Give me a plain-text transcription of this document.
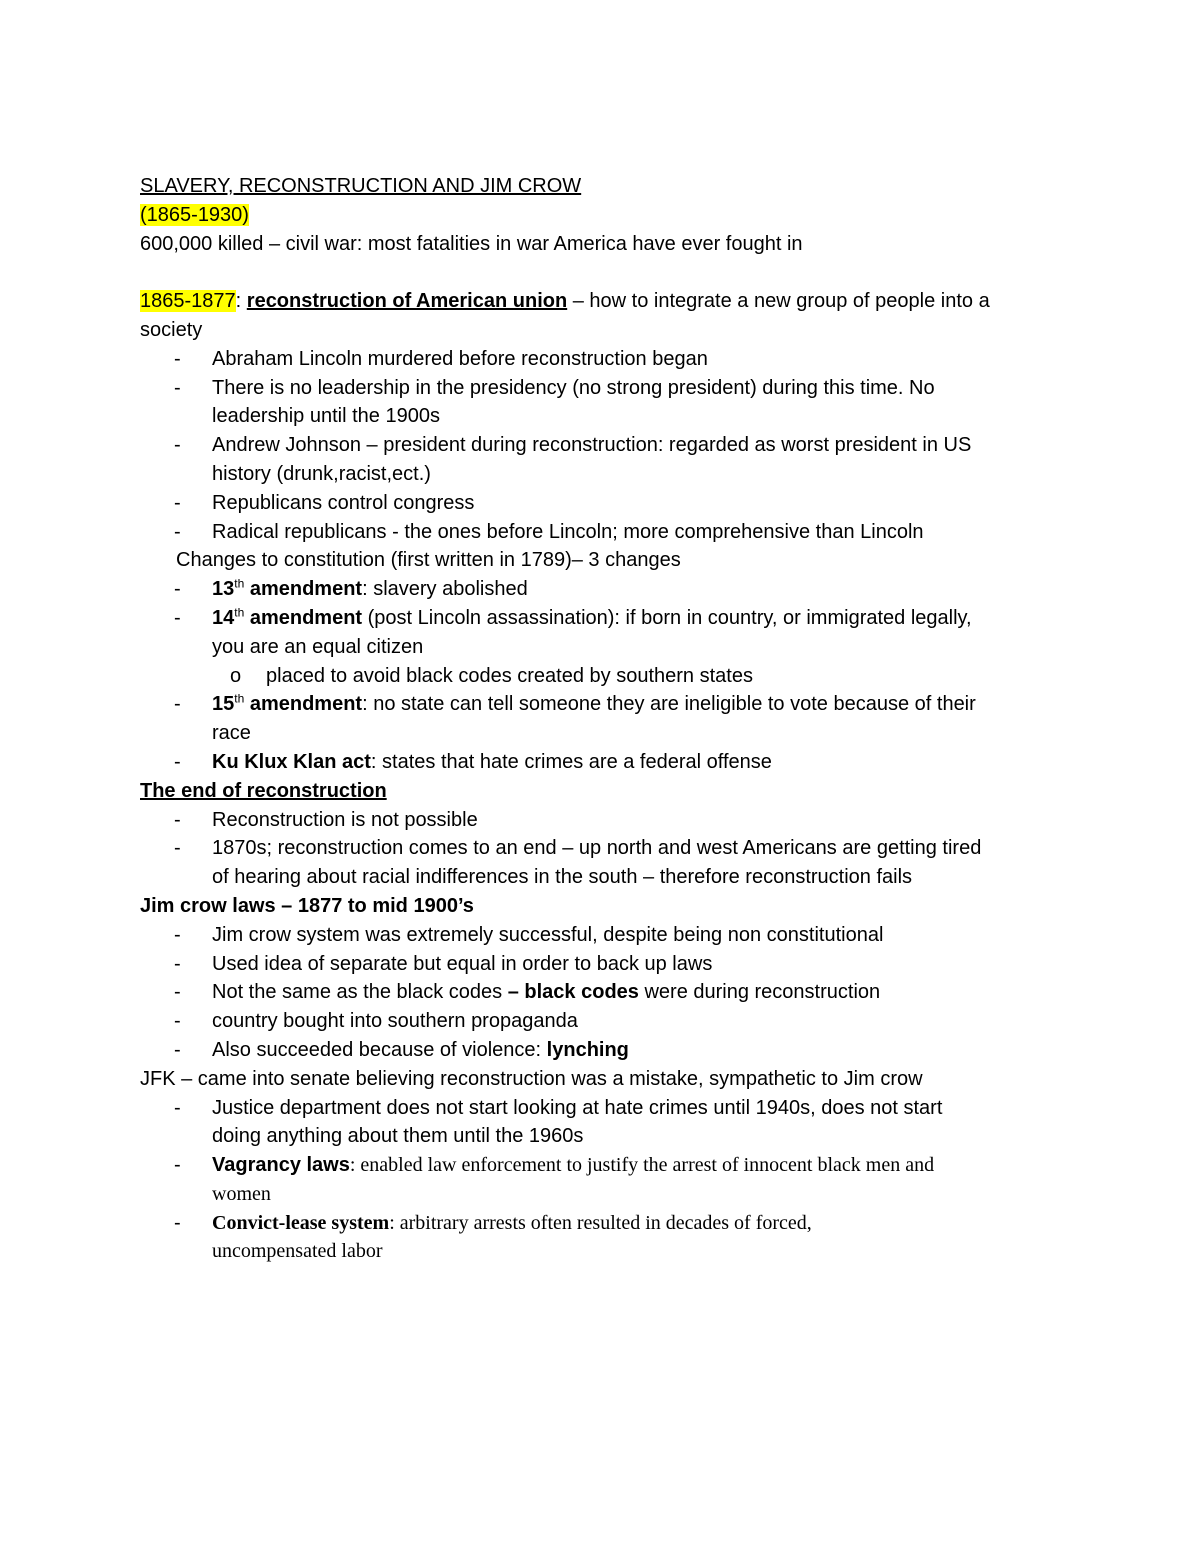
SLAVERY, RECONSTRUCTION AND JIM CROW
(1865-1930)
600,000 killed – civil war: most fatalities in war America have ever fought in
1865-1877: reconstruction of American union – how to integrate a new group of people into a
society
- Abraham Lincoln murdered before reconstruction began
- There is no leadership in the presidency (no strong president) during this time. No
leadership until the 1900s
- Andrew Johnson – president during reconstruction: regarded as worst president in US
history (drunk,racist,ect.)
- Republicans control congress
- Radical republicans - the ones before Lincoln; more comprehensive than Lincoln
Changes to constitution (first written in 1789)– 3 changes
- 13th amendment: slavery abolished
- 14th amendment (post Lincoln assassination): if born in country, or immigrated legally,
you are an equal citizen
o placed to avoid black codes created by southern states
- 15th amendment: no state can tell someone they are ineligible to vote because of their
race
- Ku Klux Klan act: states that hate crimes are a federal offense
The end of reconstruction
- Reconstruction is not possible
- 1870s; reconstruction comes to an end – up north and west Americans are getting tired
of hearing about racial indifferences in the south – therefore reconstruction fails
Jim crow laws – 1877 to mid 1900’s
- Jim crow system was extremely successful, despite being non constitutional
- Used idea of separate but equal in order to back up laws
- Not the same as the black codes – black codes were during reconstruction
- country bought into southern propaganda
- Also succeeded because of violence: lynching
JFK – came into senate believing reconstruction was a mistake, sympathetic to Jim crow
- Justice department does not start looking at hate crimes until 1940s, does not start
doing anything about them until the 1960s
- Vagrancy laws: enabled law enforcement to justify the arrest of innocent black men and
women
- Convict-lease system: arbitrary arrests often resulted in decades of forced,
uncompensated labor
